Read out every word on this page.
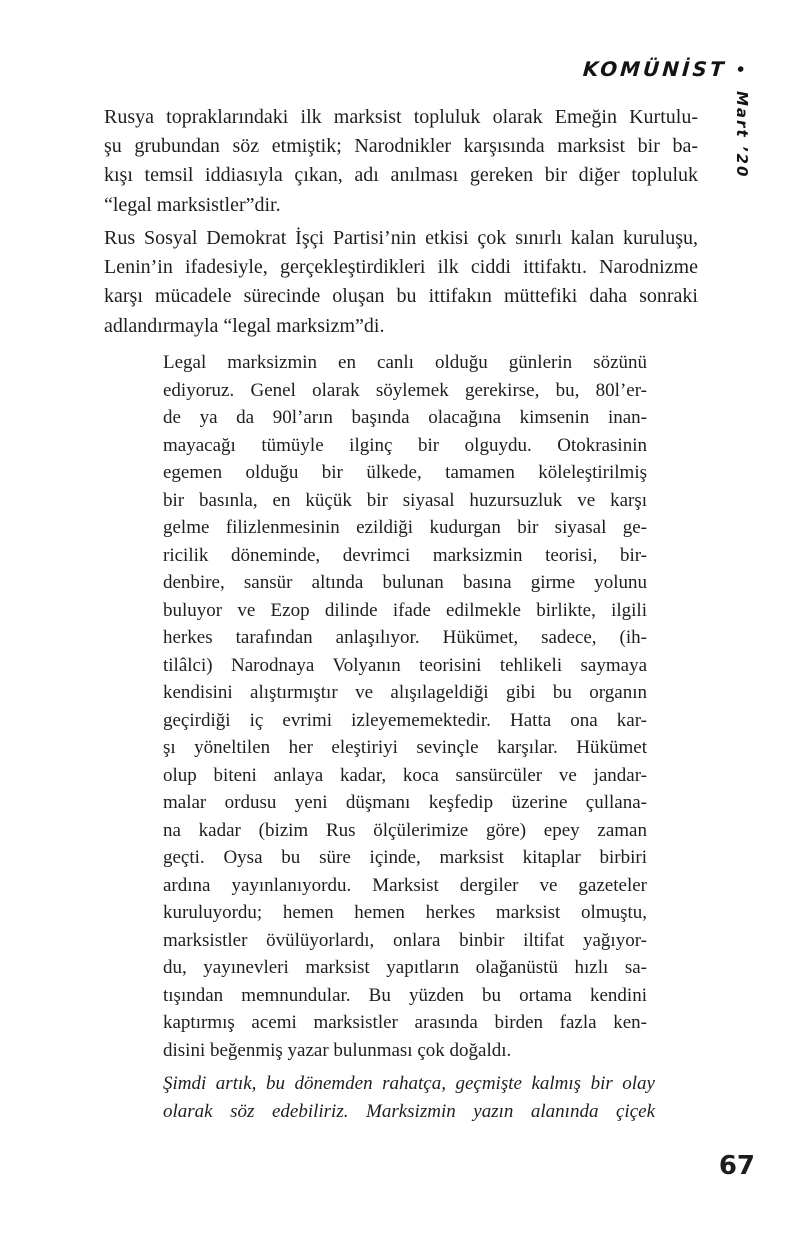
KOMÜNİST •
Mart ’20
Rusya topraklarındaki ilk marksist topluluk olarak Emeğin Kurtulu-
şu grubundan söz etmiştik; Narodnikler karşısında marksist bir ba-
kışı temsil iddiasıyla çıkan, adı anılması gereken bir diğer topluluk
“legal marksistler”dir.
Rus Sosyal Demokrat İşçi Partisi’nin etkisi çok sınırlı kalan kuruluşu,
Lenin’in ifadesiyle, gerçekleştirdikleri ilk ciddi ittifaktı. Narodnizme
karşı mücadele sürecinde oluşan bu ittifakın müttefiki daha sonraki
adlandırmayla “legal marksizm”di.
Legal marksizmin en canlı olduğu günlerin sözünü
ediyoruz. Genel olarak söylemek gerekirse, bu, 80l’er-
de ya da 90l’arın başında olacağına kimsenin inan-
mayacağı tümüyle ilginç bir olguydu. Otokrasinin
egemen olduğu bir ülkede, tamamen köleleştirilmiş
bir basınla, en küçük bir siyasal huzursuzluk ve karşı
gelme filizlenmesinin ezildiği kudurgan bir siyasal ge-
ricilik döneminde, devrimci marksizmin teorisi, bir-
denbire, sansür altında bulunan basına girme yolunu
buluyor ve Ezop dilinde ifade edilmekle birlikte, ilgili
herkes tarafından anlaşılıyor. Hükümet, sadece, (ih-
tilâlci) Narodnaya Volyanın teorisini tehlikeli saymaya
kendisini alıştırmıştır ve alışılageldiği gibi bu organın
geçirdiği iç evrimi izleyememektedir. Hatta ona kar-
şı yöneltilen her eleştiriyi sevinçle karşılar. Hükümet
olup biteni anlaya kadar, koca sansürcüler ve jandar-
malar ordusu yeni düşmanı keşfedip üzerine çullana-
na kadar (bizim Rus ölçülerimize göre) epey zaman
geçti. Oysa bu süre içinde, marksist kitaplar birbiri
ardına yayınlanıyordu. Marksist dergiler ve gazeteler
kuruluyordu; hemen hemen herkes marksist olmuştu,
marksistler övülüyorlardı, onlara binbir iltifat yağıyor-
du, yayınevleri marksist yapıtların olağanüstü hızlı sa-
tışından memnundular. Bu yüzden bu ortama kendini
kaptırmış acemi marksistler arasında birden fazla ken-
disini beğenmiş yazar bulunması çok doğaldı.
Şimdi artık, bu dönemden rahatça, geçmişte kalmış bir olay
olarak söz edebiliriz. Marksizmin yazın alanında çiçek
67
